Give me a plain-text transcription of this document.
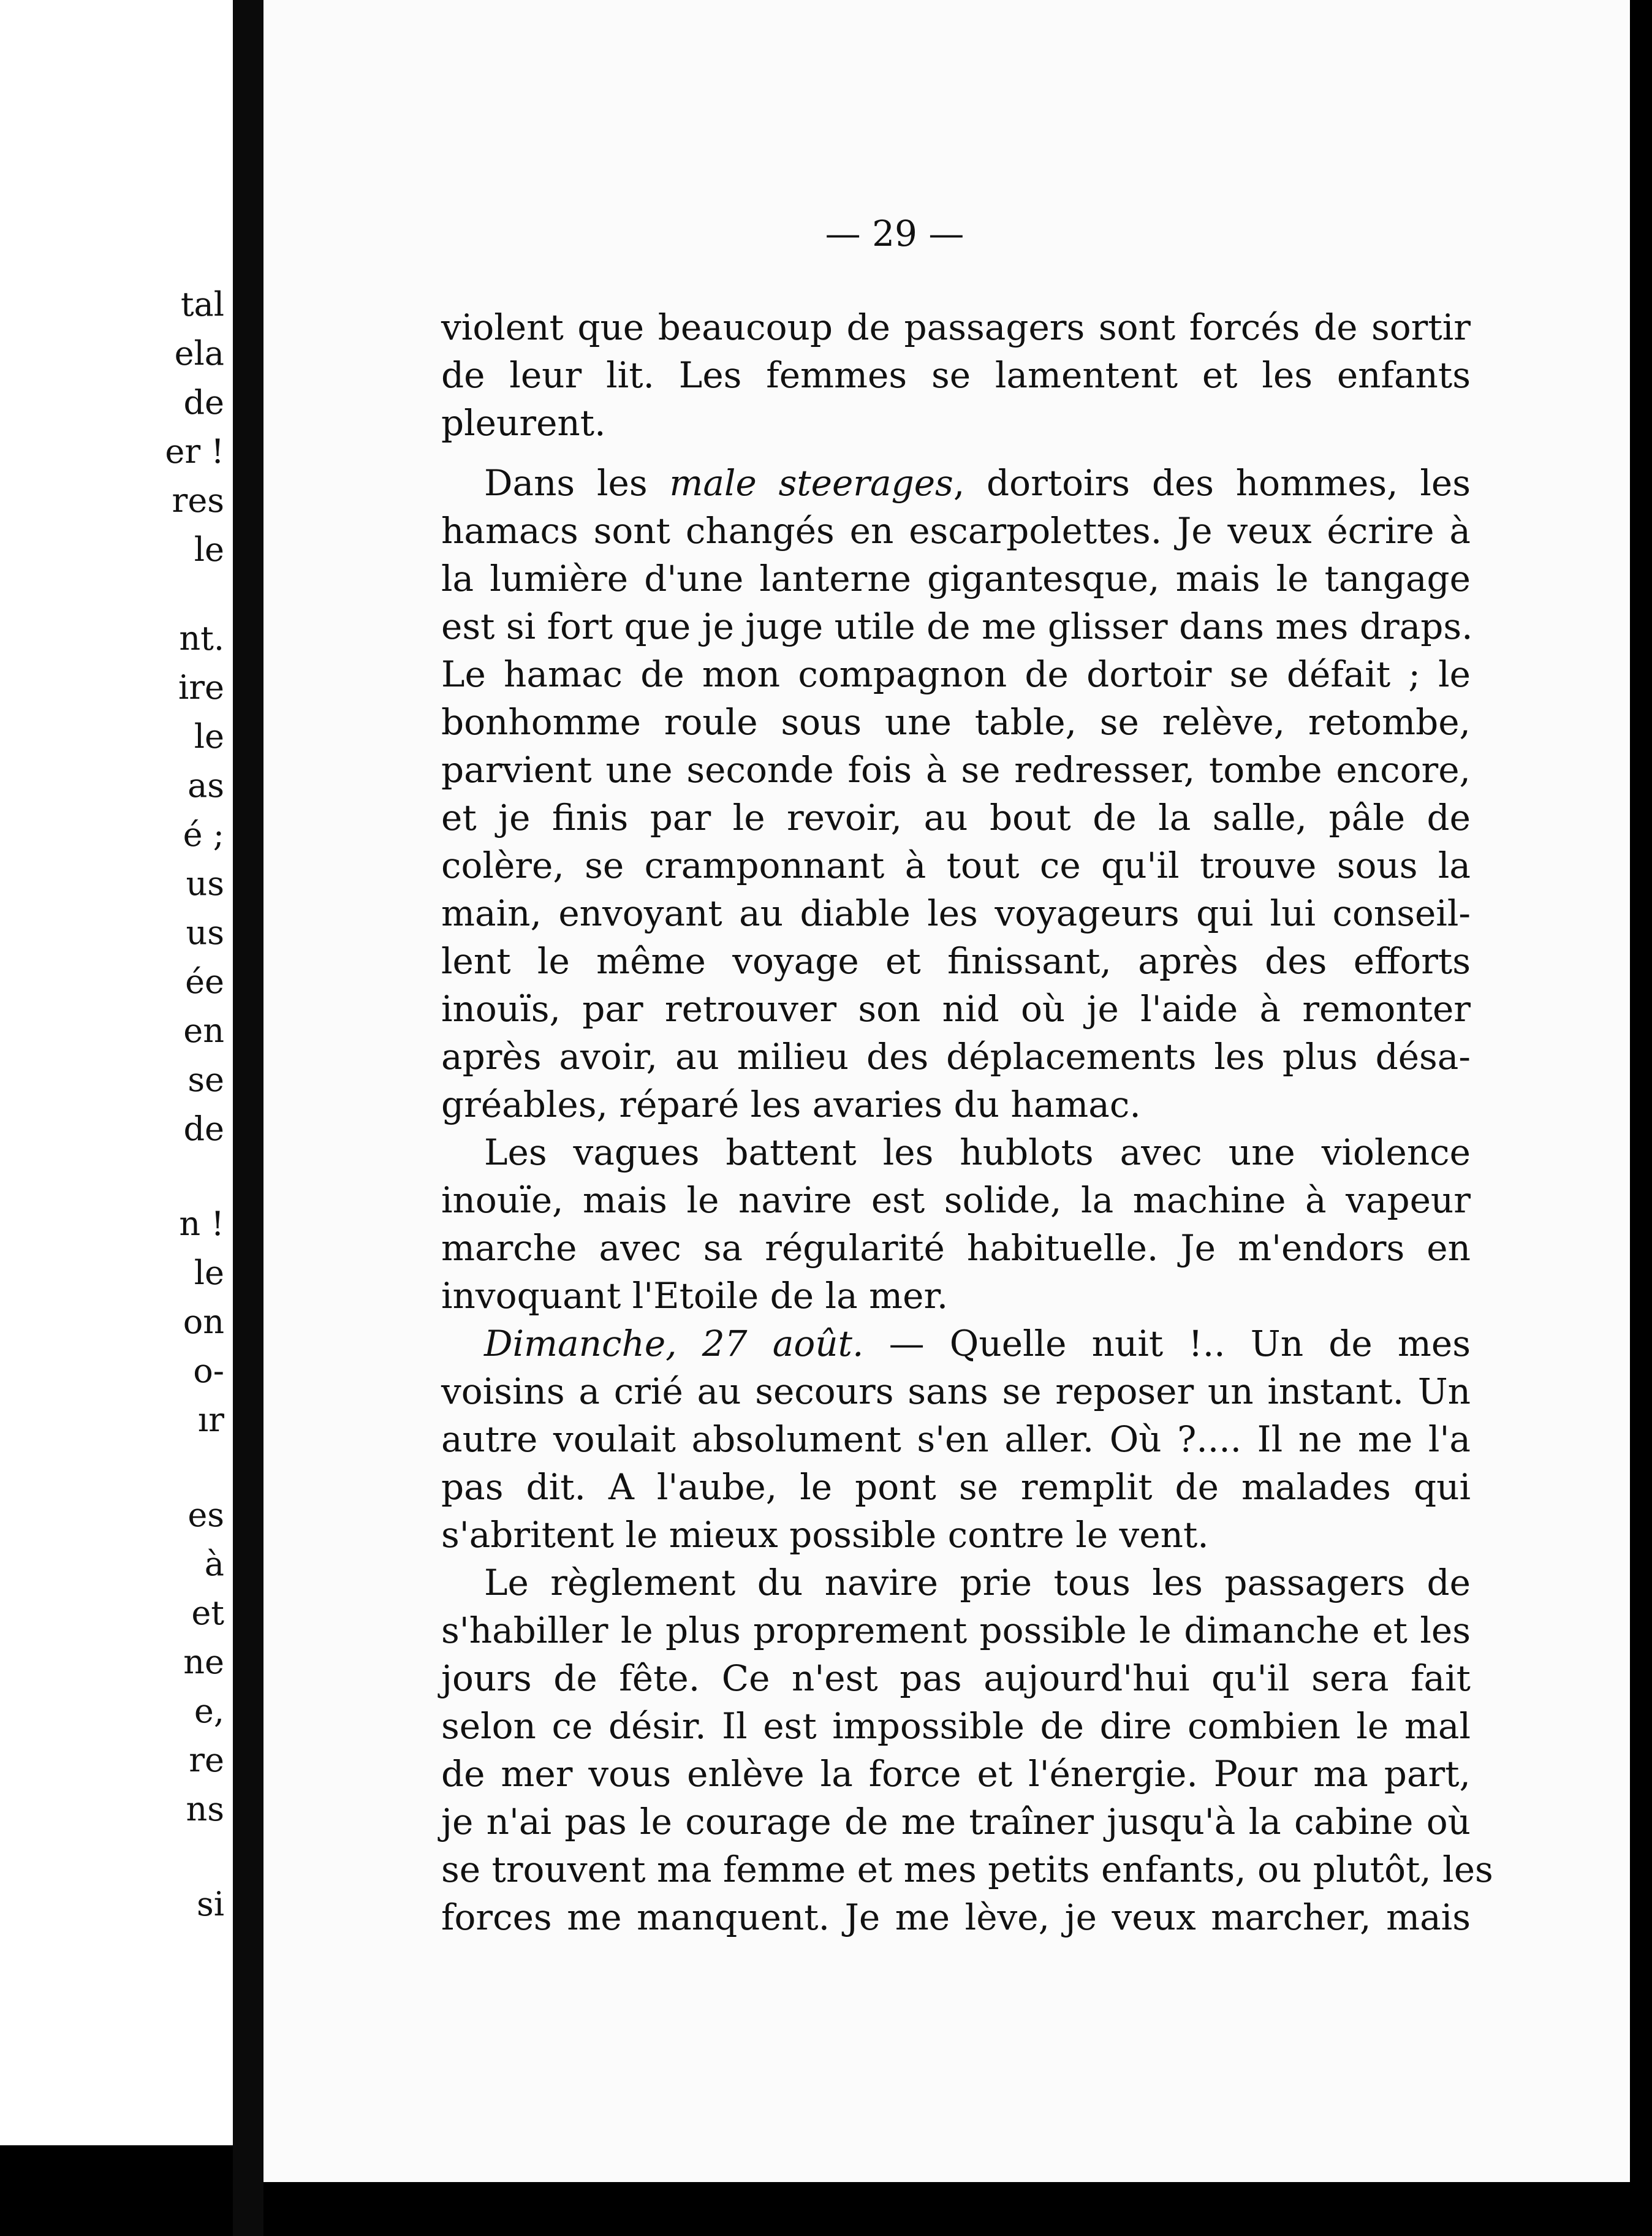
tal
ela
de
er !
res
le
nt.
ire
le
as
é ;
us
us
ée
en
se
de
n !
le
on
o-
ır
es
à
et
ne
e,
re
ns
si
— 29 —
violent que beaucoup de passagers sont forcés de sortir
de leur lit. Les femmes se lamentent et les enfants
pleurent.
Dans les male steerages, dortoirs des hommes, les
hamacs sont changés en escarpolettes. Je veux écrire à
la lumière d'une lanterne gigantesque, mais le tangage
est si fort que je juge utile de me glisser dans mes draps.
Le hamac de mon compagnon de dortoir se défait ; le
bonhomme roule sous une table, se relève, retombe,
parvient une seconde fois à se redresser, tombe encore,
et je finis par le revoir, au bout de la salle, pâle de
colère, se cramponnant à tout ce qu'il trouve sous la
main, envoyant au diable les voyageurs qui lui conseil-
lent le même voyage et finissant, après des efforts
inouïs, par retrouver son nid où je l'aide à remonter
après avoir, au milieu des déplacements les plus désa-
gréables, réparé les avaries du hamac.
Les vagues battent les hublots avec une violence
inouïe, mais le navire est solide, la machine à vapeur
marche avec sa régularité habituelle. Je m'endors en
invoquant l'Etoile de la mer.
Dimanche, 27 août. — Quelle nuit !.. Un de mes
voisins a crié au secours sans se reposer un instant. Un
autre voulait absolument s'en aller. Où ?.... Il ne me l'a
pas dit. A l'aube, le pont se remplit de malades qui
s'abritent le mieux possible contre le vent.
Le règlement du navire prie tous les passagers de
s'habiller le plus proprement possible le dimanche et les
jours de fête. Ce n'est pas aujourd'hui qu'il sera fait
selon ce désir. Il est impossible de dire combien le mal
de mer vous enlève la force et l'énergie. Pour ma part,
je n'ai pas le courage de me traîner jusqu'à la cabine où
se trouvent ma femme et mes petits enfants, ou plutôt, les
forces me manquent. Je me lève, je veux marcher, mais
